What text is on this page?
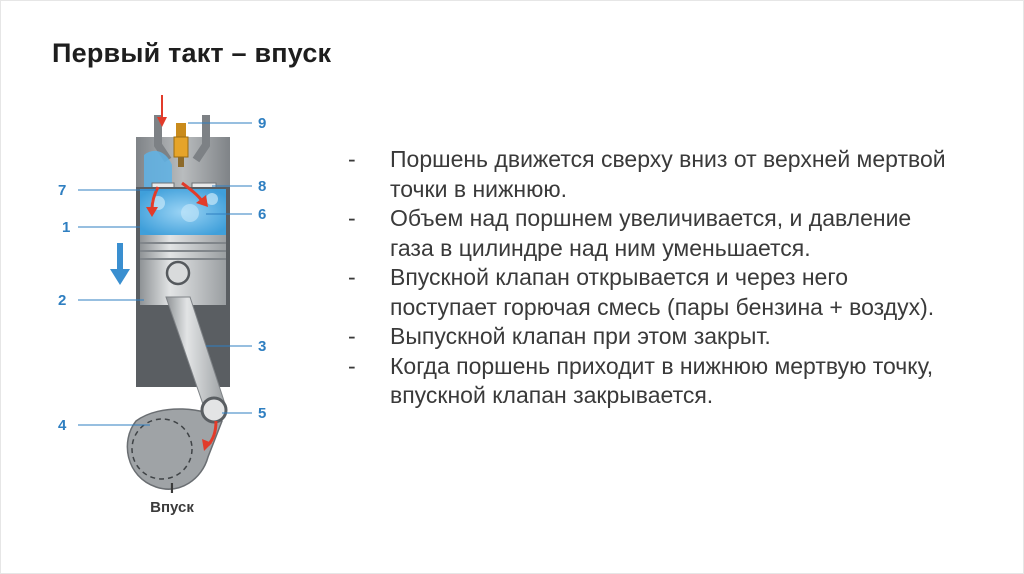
Первый такт – впуск
9
8
7
6
1
2
3
4
5
I
Впуск
- Поршень движется сверху вниз от верхней мертвой точки в нижнюю.
- Объем над поршнем увеличивается, и давление газа в цилиндре над ним уменьшается.
- Впускной клапан открывается и через него поступает горючая смесь (пары бензина + воздух).
- Выпускной клапан при этом закрыт.
- Когда поршень приходит в нижнюю мертвую точку, впускной клапан закрывается.
